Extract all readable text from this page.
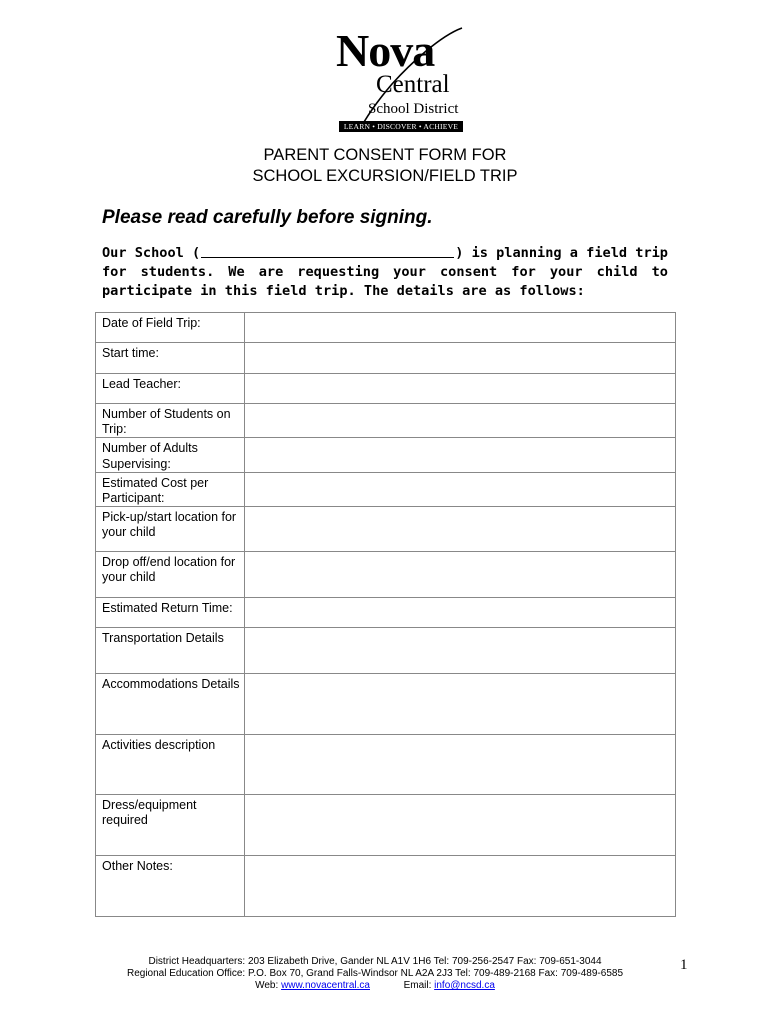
Nova
Central
School District
LEARN • DISCOVER • ACHIEVE
PARENT CONSENT FORM FOR
SCHOOL EXCURSION/FIELD TRIP
Please read carefully before signing.
Our School (	) is planning a field trip
for students. We are requesting your consent for your child to
participate in this field trip. The details are as follows:
Date of Field Trip:	
Start time:	
Lead Teacher:	
Number of Students on Trip:	
Number of Adults Supervising:	
Estimated Cost per Participant:	
Pick-up/start location for your child	
Drop off/end location for your child	
Estimated Return Time:	
Transportation Details	
Accommodations Details	
Activities description	
Dress/equipment required	
Other Notes:	
District Headquarters: 203 Elizabeth Drive, Gander NL A1V 1H6 Tel: 709-256-2547 Fax: 709-651-3044
Regional Education Office: P.O. Box 70, Grand Falls-Windsor NL A2A 2J3 Tel: 709-489-2168 Fax: 709-489-6585
Web: www.novacentral.ca	Email: info@ncsd.ca
1
